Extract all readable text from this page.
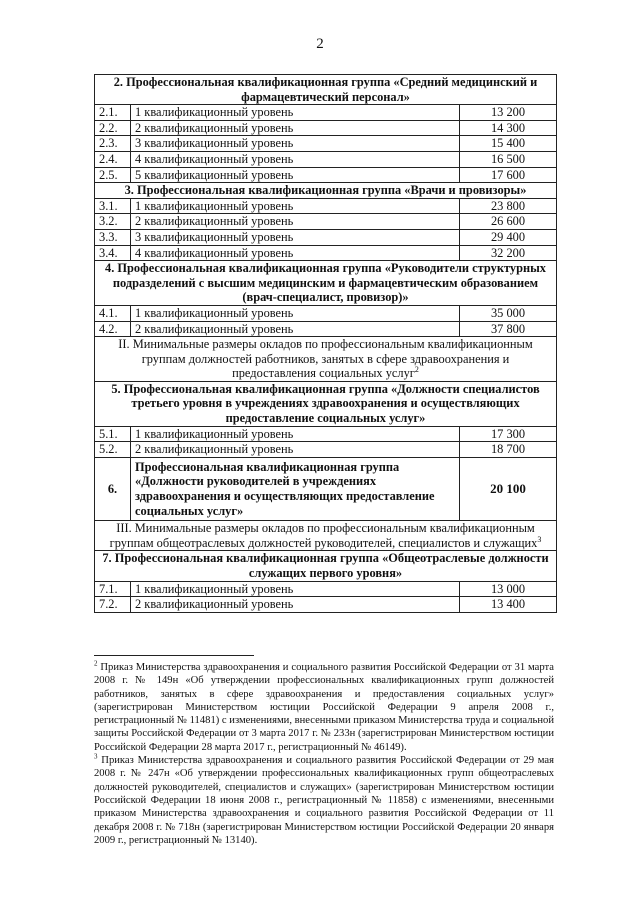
2
2. Профессиональная квалификационная группа «Средний медицинский и фармацевтический персонал»		
2.1.	1 квалификационный уровень	13 200
2.2.	2 квалификационный уровень	14 300
2.3.	3 квалификационный уровень	15 400
2.4.	4 квалификационный уровень	16 500
2.5.	5 квалификационный уровень	17 600
3. Профессиональная квалификационная группа «Врачи и провизоры»		
3.1.	1 квалификационный уровень	23 800
3.2.	2 квалификационный уровень	26 600
3.3.	3 квалификационный уровень	29 400
3.4.	4 квалификационный уровень	32 200
4. Профессиональная квалификационная группа «Руководители структурных подразделений с высшим медицинским и фармацевтическим образованием (врач-специалист, провизор)»		
4.1.	1 квалификационный уровень	35 000
4.2.	2 квалификационный уровень	37 800
II. Минимальные размеры окладов по профессиональным квалификационным группам должностей работников, занятых в сфере здравоохранения и предоставления социальных услуг$^2$
5. Профессиональная квалификационная группа «Должности специалистов третьего уровня в учреждениях здравоохранения и осуществляющих предоставление социальных услуг»		
5.1.	1 квалификационный уровень	17 300
5.2.	2 квалификационный уровень	18 700
6.	Профессиональная квалификационная группа «Должности руководителей в учреждениях здравоохранения и осуществляющих предоставление социальных услуг»	20 100
III. Минимальные размеры окладов по профессиональным квалификационным группам общеотраслевых должностей руководителей, специалистов и служащих$^3$
7. Профессиональная квалификационная группа «Общеотраслевые должности служащих первого уровня»		
7.1.	1 квалификационный уровень	13 000
7.2.	2 квалификационный уровень	13 400

$^2$ Приказ Министерства здравоохранения и социального развития Российской Федерации от 31 марта 2008 г. № 149н «Об утверждении профессиональных квалификационных групп должностей работников, занятых в сфере здравоохранения и предоставления социальных услуг» (зарегистрирован Министерством юстиции Российской Федерации 9 апреля 2008 г., регистрационный № 11481) с изменениями, внесенными приказом Министерства труда и социальной защиты Российской Федерации от 3 марта 2017 г. № 233н (зарегистрирован Министерством юстиции Российской Федерации 28 марта 2017 г., регистрационный № 46149).

$^3$ Приказ Министерства здравоохранения и социального развития Российской Федерации от 29 мая 2008 г. № 247н «Об утверждении профессиональных квалификационных групп общеотраслевых должностей руководителей, специалистов и служащих» (зарегистрирован Министерством юстиции Российской Федерации 18 июня 2008 г., регистрационный № 11858) с изменениями, внесенными приказом Министерства здравоохранения и социального развития Российской Федерации от 11 декабря 2008 г. № 718н (зарегистрирован Министерством юстиции Российской Федерации 20 января 2009 г., регистрационный № 13140).
